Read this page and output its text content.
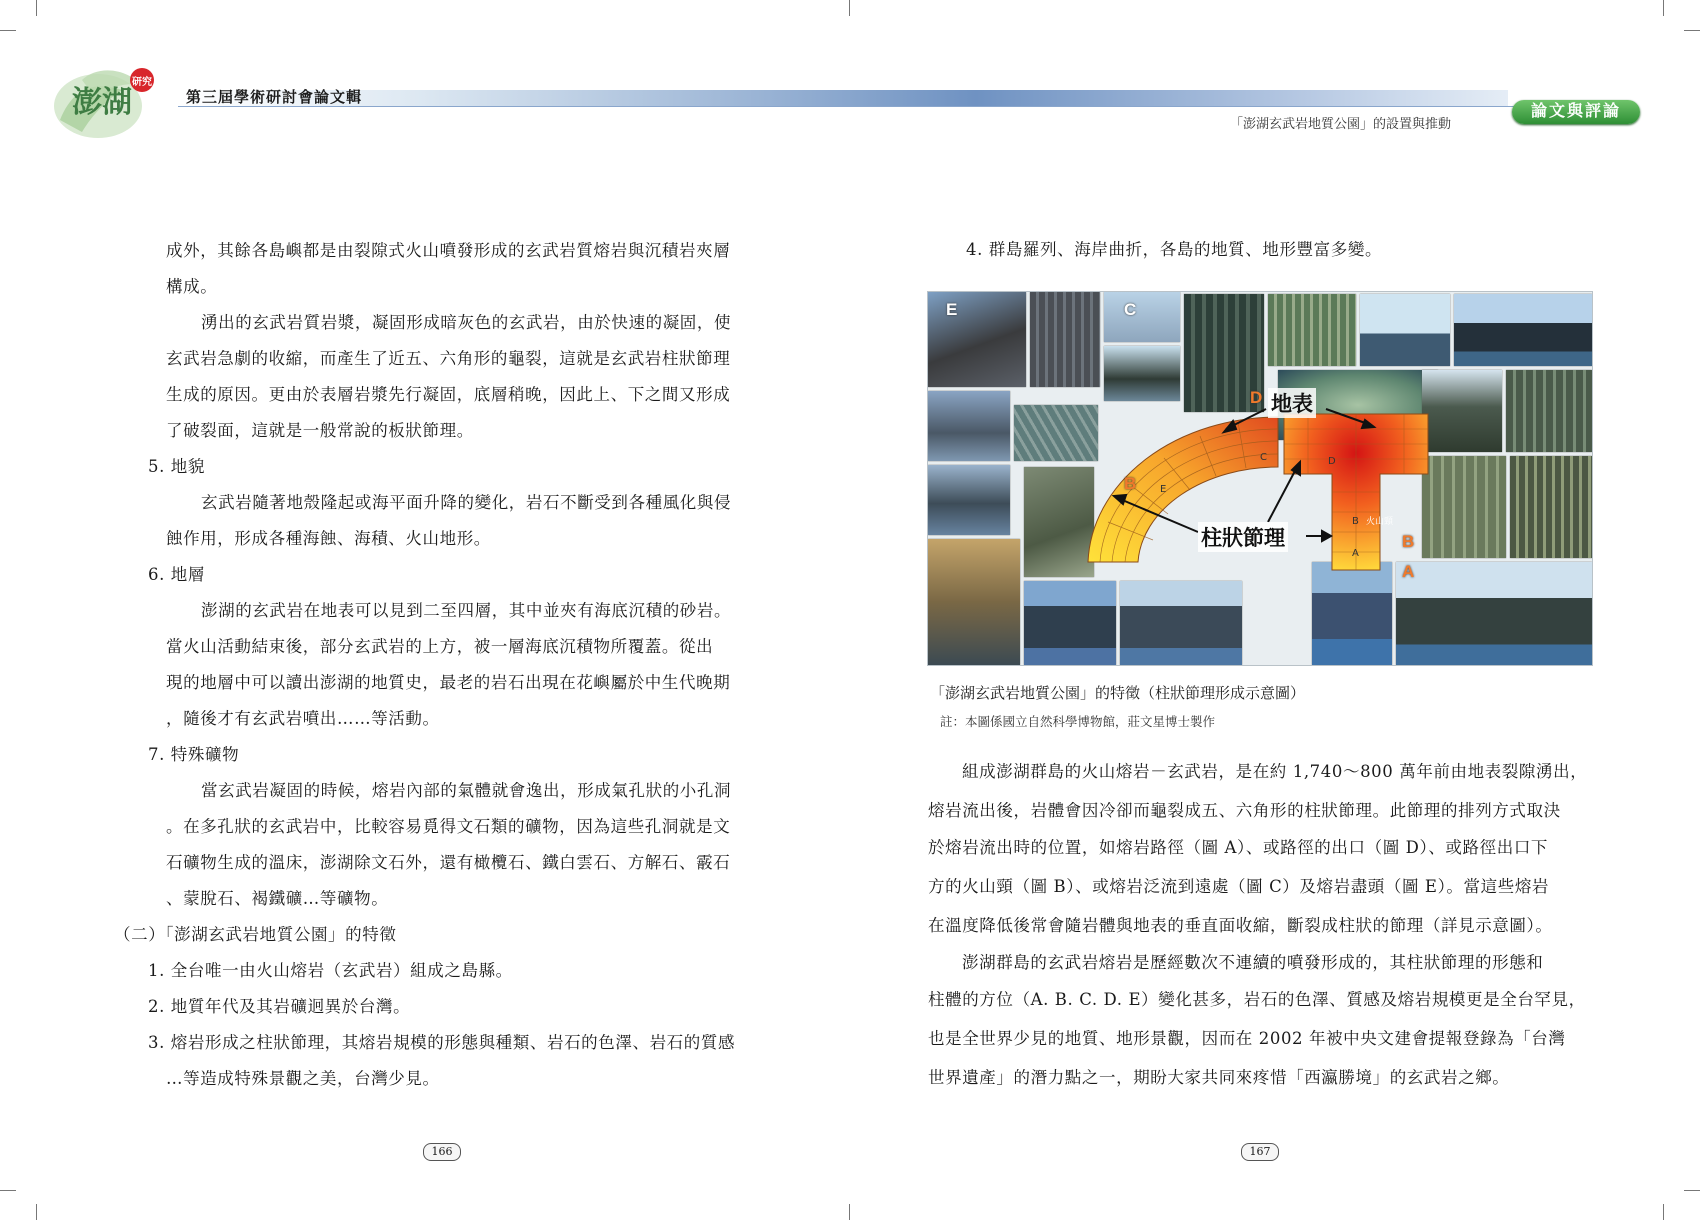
澎湖
研究
第三屆學術研討會論文輯
「澎湖玄武岩地質公園」的設置與推動
論文與評論
成外，其餘各島嶼都是由裂隙式火山噴發形成的玄武岩質熔岩與沉積岩夾層
構成。
湧出的玄武岩質岩漿，凝固形成暗灰色的玄武岩，由於快速的凝固，使
玄武岩急劇的收縮，而產生了近五、六角形的龜裂，這就是玄武岩柱狀節理
生成的原因。更由於表層岩漿先行凝固，底層稍晚，因此上、下之間又形成
了破裂面，這就是一般常說的板狀節理。
5. 地貌
玄武岩隨著地殼隆起或海平面升降的變化，岩石不斷受到各種風化與侵
蝕作用，形成各種海蝕、海積、火山地形。
6. 地層
澎湖的玄武岩在地表可以見到二至四層，其中並夾有海底沉積的砂岩。
當火山活動結束後，部分玄武岩的上方，被一層海底沉積物所覆蓋。從出
現的地層中可以讀出澎湖的地質史，最老的岩石出現在花嶼屬於中生代晚期
，隨後才有玄武岩噴出……等活動。
7. 特殊礦物
當玄武岩凝固的時候，熔岩內部的氣體就會逸出，形成氣孔狀的小孔洞
。在多孔狀的玄武岩中，比較容易覓得文石類的礦物，因為這些孔洞就是文
石礦物生成的溫床，澎湖除文石外，還有橄欖石、鐵白雲石、方解石、霰石
、蒙脫石、褐鐵礦…等礦物。
（二）「澎湖玄武岩地質公園」的特徵
1. 全台唯一由火山熔岩（玄武岩）組成之島縣。
2. 地質年代及其岩礦迥異於台灣。
3. 熔岩形成之柱狀節理，其熔岩規模的形態與種類、岩石的色澤、岩石的質感
…等造成特殊景觀之美，台灣少見。
166
4. 群島羅列、海岸曲折，各島的地質、地形豐富多變。
D
C
E
B
A
火山頸
地表
柱狀節理
E	C
D
B
B
A
「澎湖玄武岩地質公園」的特徵（柱狀節理形成示意圖）
註：本圖係國立自然科學博物館，莊文星博士製作
組成澎湖群島的火山熔岩－玄武岩，是在約 1,740～800 萬年前由地表裂隙湧出，
熔岩流出後，岩體會因冷卻而龜裂成五、六角形的柱狀節理。此節理的排列方式取決
於熔岩流出時的位置，如熔岩路徑（圖 A）、或路徑的出口（圖 D）、或路徑出口下
方的火山頸（圖 B）、或熔岩泛流到遠處（圖 C）及熔岩盡頭（圖 E）。當這些熔岩
在溫度降低後常會隨岩體與地表的垂直面收縮，斷裂成柱狀的節理（詳見示意圖）。
澎湖群島的玄武岩熔岩是歷經數次不連續的噴發形成的，其柱狀節理的形態和
柱體的方位（A. B. C. D. E）變化甚多，岩石的色澤、質感及熔岩規模更是全台罕見，
也是全世界少見的地質、地形景觀，因而在 2002 年被中央文建會提報登錄為「台灣
世界遺產」的潛力點之一，期盼大家共同來疼惜「西瀛勝境」的玄武岩之鄉。
167
